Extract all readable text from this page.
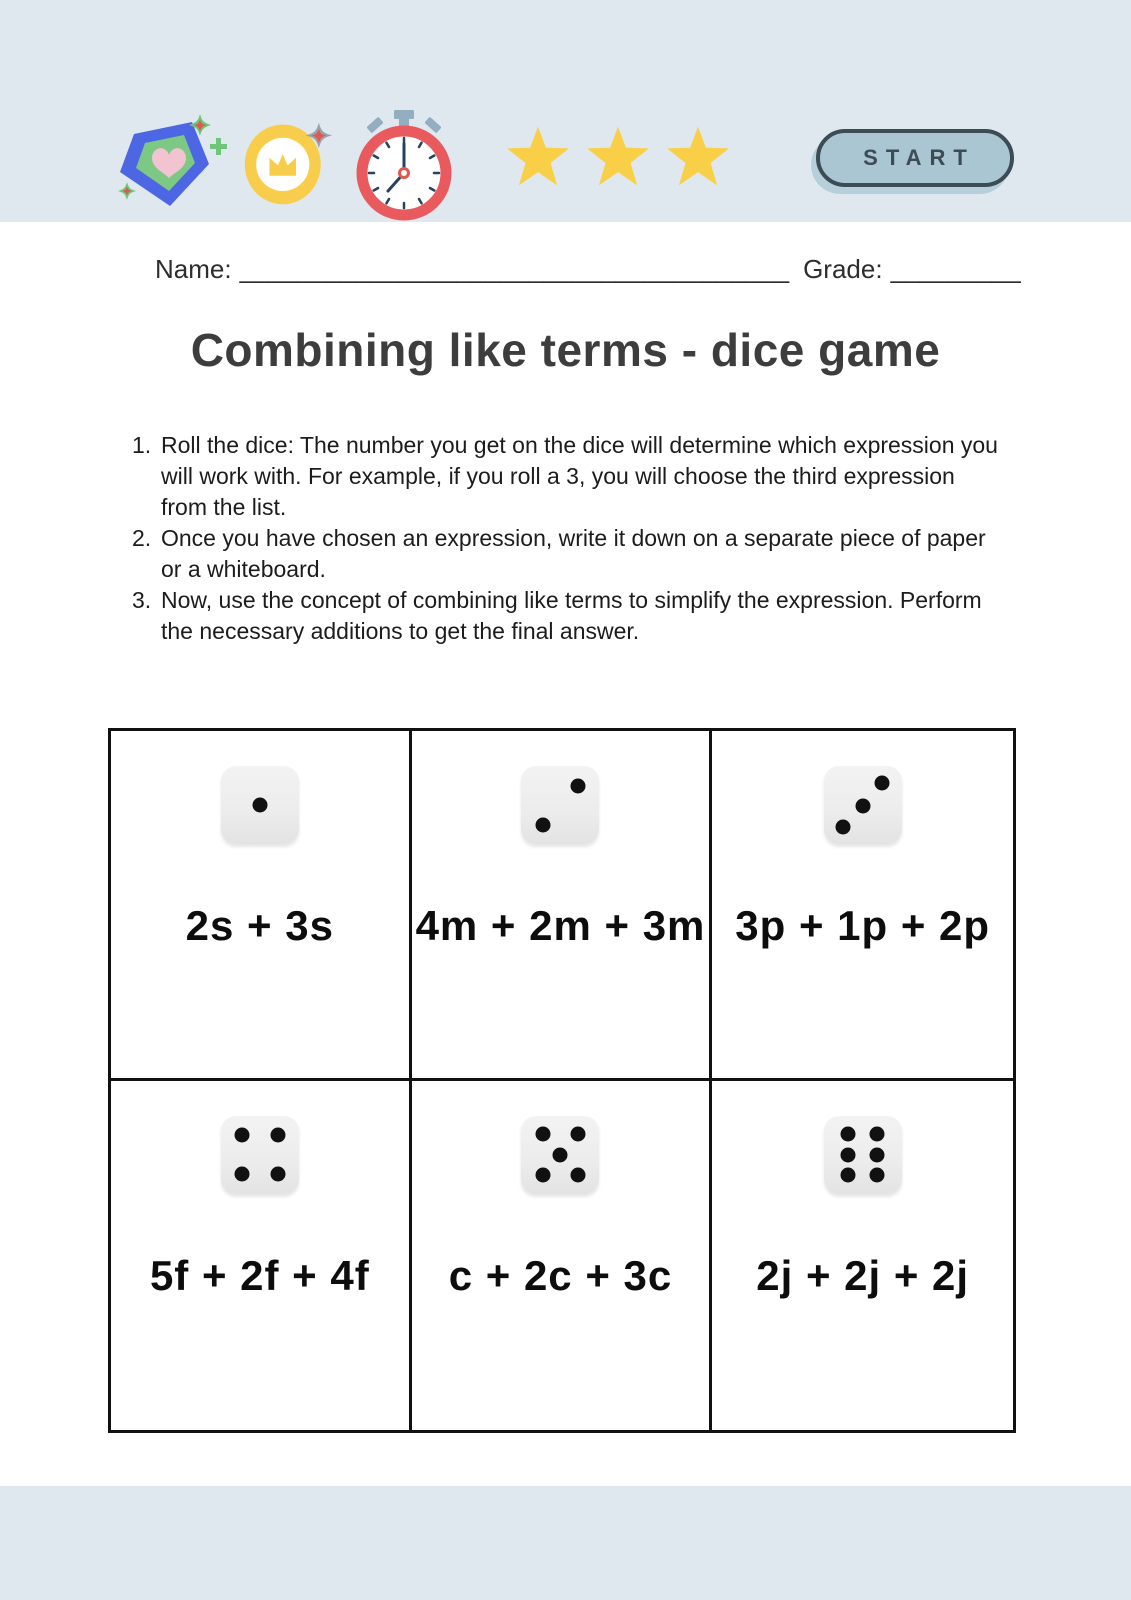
START
Name: ______________________________________ Grade: _________
Combining like terms - dice game
Roll the dice: The number you get on the dice will determine which expression you will work with. For example, if you roll a 3, you will choose the third expression from the list.
Once you have chosen an expression, write it down on a separate piece of paper or a whiteboard.
Now, use the concept of combining like terms to simplify the expression. Perform the necessary additions to get the final answer.
2s + 3s 4m + 2m + 3m 3p + 1p + 2p
5f + 2f + 4f c + 2c + 3c 2j + 2j + 2j
